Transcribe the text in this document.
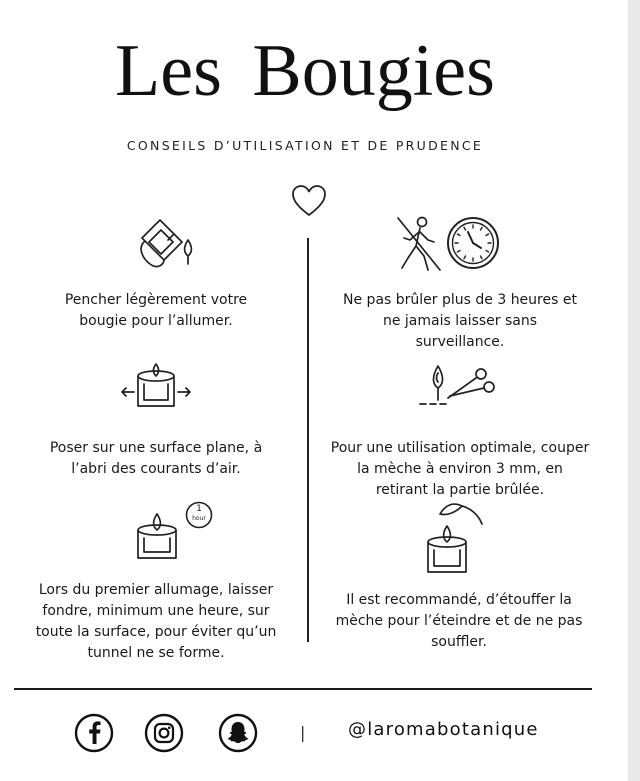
Les Bougies
CONSEILS D’UTILISATION ET DE PRUDENCE
Pencher légèrement votre bougie pour l’allumer.
Poser sur une surface plane, à l’abri des courants d’air.
1
hour
Lors du premier allumage, laisser fondre, minimum une heure, sur toute la surface, pour éviter qu’un tunnel ne se forme.
Ne pas brûler plus de 3 heures et ne jamais laisser sans surveillance.
Pour une utilisation optimale, couper la mèche à environ 3 mm, en retirant la partie brûlée.
Il est recommandé, d’étouffer la mèche pour l’éteindre et de ne pas souffler.
| @laromabotanique
